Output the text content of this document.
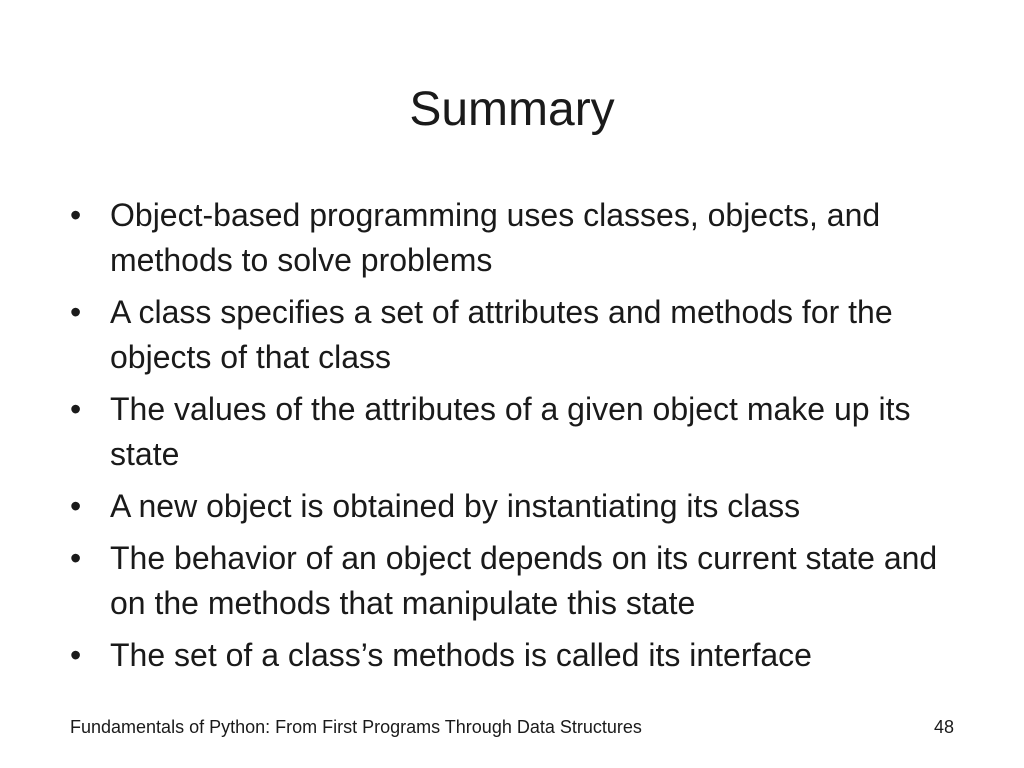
Summary
• Object-based programming uses classes, objects, and methods to solve problems
• A class specifies a set of attributes and methods for the objects of that class
• The values of the attributes of a given object make up its state
• A new object is obtained by instantiating its class
• The behavior of an object depends on its current state and on the methods that manipulate this state
• The set of a class’s methods is called its interface
Fundamentals of Python: From First Programs Through Data Structures	48
